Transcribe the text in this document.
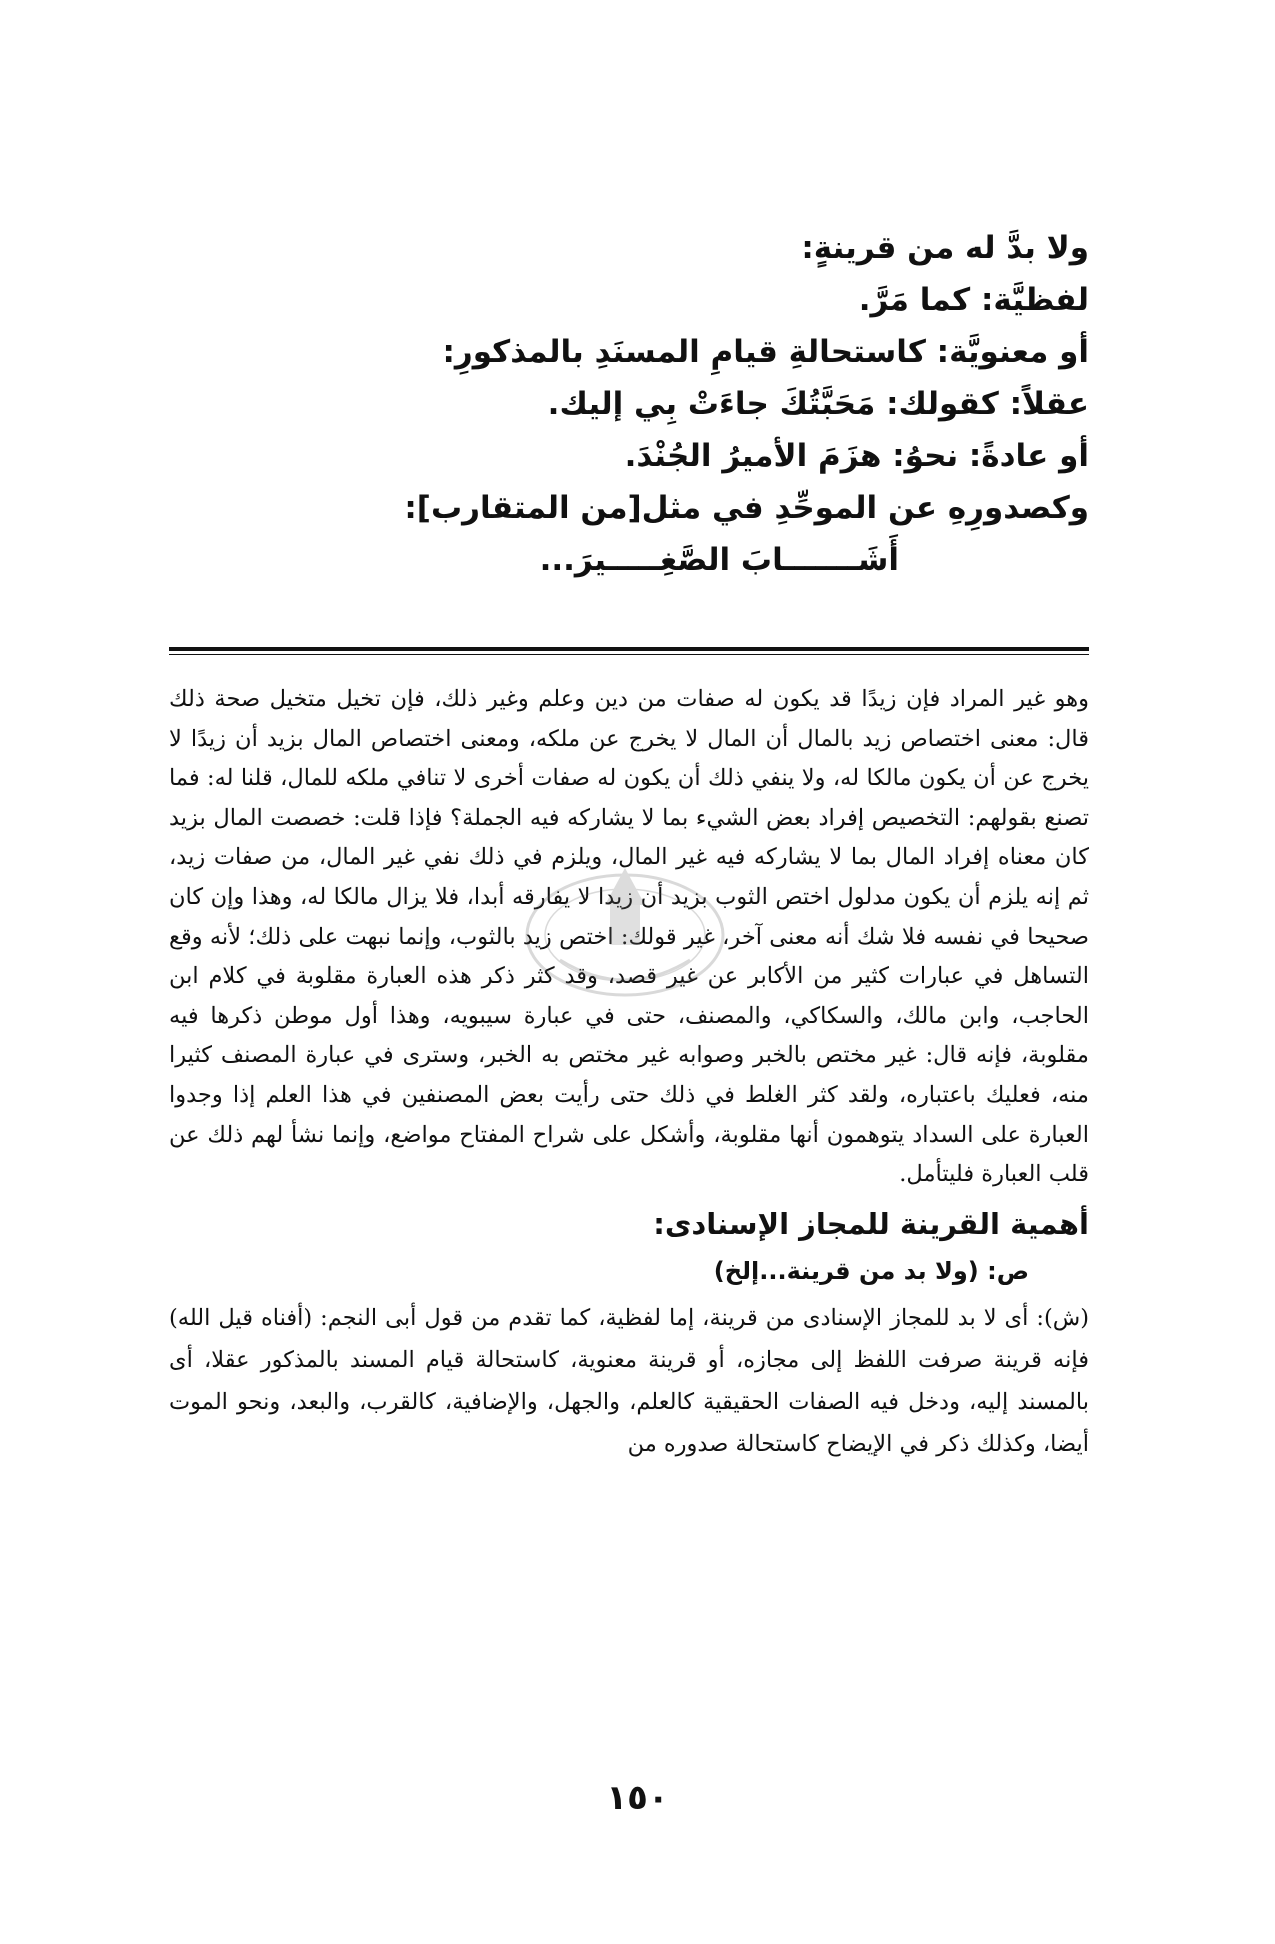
ولا بدَّ له من قرينةٍ:
لفظيَّة: كما مَرَّ.
أو معنويَّة: كاستحالةِ قيامِ المسنَدِ بالمذكورِ:
عقلاً: كقولك: مَحَبَّتُكَ جاءَتْ بِي إليك.
أو عادةً: نحوُ: هزَمَ الأميرُ الجُنْدَ.
وكصدورِهِ عن الموحِّدِ في مثل[من المتقارب]:
أَشَـــــــابَ الصَّغِـــــيرَ...

وهو غير المراد فإن زيدًا قد يكون له صفات من دين وعلم وغير ذلك، فإن تخيل متخيل صحة ذلك قال: معنى اختصاص زيد بالمال أن المال لا يخرج عن ملكه، ومعنى اختصاص المال بزيد أن زيدًا لا يخرج عن أن يكون مالكا له، ولا ينفي ذلك أن يكون له صفات أخرى لا تنافي ملكه للمال، قلنا له: فما تصنع بقولهم: التخصيص إفراد بعض الشيء بما لا يشاركه فيه الجملة؟ فإذا قلت: خصصت المال بزيد كان معناه إفراد المال بما لا يشاركه فيه غير المال، ويلزم في ذلك نفي غير المال، من صفات زيد، ثم إنه يلزم أن يكون مدلول اختص الثوب بزيد أن زيدا لا يفارقه أبدا، فلا يزال مالكا له، وهذا وإن كان صحيحا في نفسه فلا شك أنه معنى آخر، غير قولك: اختص زيد بالثوب، وإنما نبهت على ذلك؛ لأنه وقع التساهل في عبارات كثير من الأكابر عن غير قصد، وقد كثر ذكر هذه العبارة مقلوبة في كلام ابن الحاجب، وابن مالك، والسكاكي، والمصنف، حتى في عبارة سيبويه، وهذا أول موطن ذكرها فيه مقلوبة، فإنه قال: غير مختص بالخبر وصوابه غير مختص به الخبر، وسترى في عبارة المصنف كثيرا منه، فعليك باعتباره، ولقد كثر الغلط في ذلك حتى رأيت بعض المصنفين في هذا العلم إذا وجدوا العبارة على السداد يتوهمون أنها مقلوبة، وأشكل على شراح المفتاح مواضع، وإنما نشأ لهم ذلك عن قلب العبارة فليتأمل.

أهمية القرينة للمجاز الإسنادى:
ص: (ولا بد من قرينة...إلخ)

(ش): أى لا بد للمجاز الإسنادى من قرينة، إما لفظية، كما تقدم من قول أبى النجم: (أفناه قيل الله) فإنه قرينة صرفت اللفظ إلى مجازه، أو قرينة معنوية، كاستحالة قيام المسند بالمذكور عقلا، أى بالمسند إليه، ودخل فيه الصفات الحقيقية كالعلم، والجهل، والإضافية، كالقرب، والبعد، ونحو الموت أيضا، وكذلك ذكر في الإيضاح كاستحالة صدوره من

١٥٠
